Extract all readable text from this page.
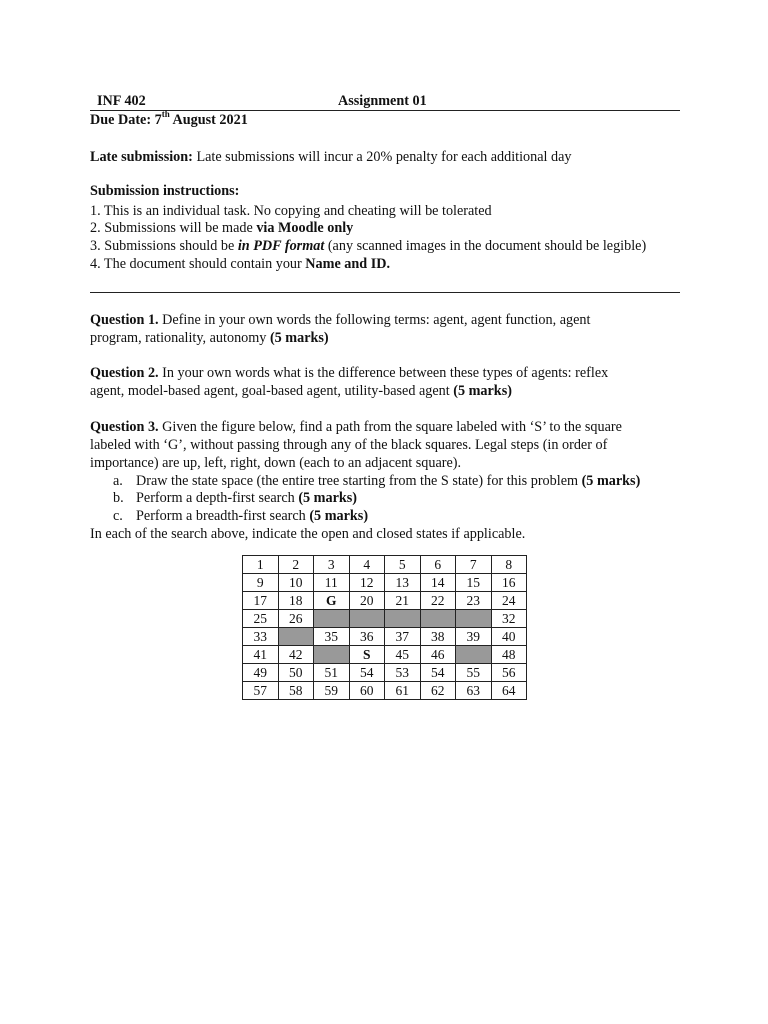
INF 402	Assignment 01
Due Date: 7th August 2021
Late submission: Late submissions will incur a 20% penalty for each additional day
Submission instructions:
1. This is an individual task. No copying and cheating will be tolerated
2. Submissions will be made via Moodle only
3. Submissions should be in PDF format (any scanned images in the document should be legible)
4. The document should contain your Name and ID.
Question 1. Define in your own words the following terms: agent, agent function, agent
program, rationality, autonomy (5 marks)
Question 2. In your own words what is the difference between these types of agents: reflex
agent, model-based agent, goal-based agent, utility-based agent (5 marks)
Question 3. Given the figure below, find a path from the square labeled with ‘S’ to the square
labeled with ‘G’, without passing through any of the black squares. Legal steps (in order of
importance) are up, left, right, down (each to an adjacent square).
a. Draw the state space (the entire tree starting from the S state) for this problem (5 marks)
b. Perform a depth-first search (5 marks)
c. Perform a breadth-first search (5 marks)
In each of the search above, indicate the open and closed states if applicable.
1	2	3	4	5	6	7	8
9	10	11	12	13	14	15	16
17	18	G	20	21	22	23	24
25	26						32
33		35	36	37	38	39	40
41	42		S	45	46		48
49	50	51	54	53	54	55	56
57	58	59	60	61	62	63	64
